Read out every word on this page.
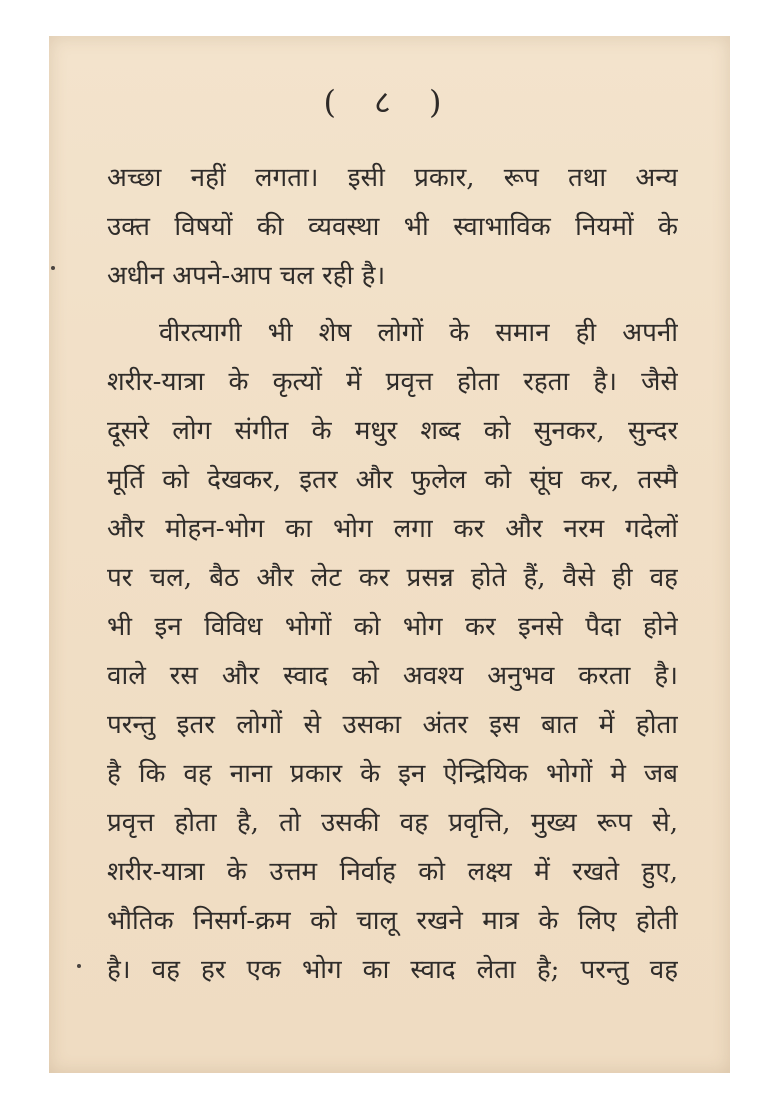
( ८ )
अच्छा नहीं लगता। इसी प्रकार, रूप तथा अन्य
उक्त विषयों की व्यवस्था भी स्वाभाविक नियमों के
अधीन अपने-आप चल रही है।
वीरत्यागी भी शेष लोगों के समान ही अपनी
शरीर-यात्रा के कृत्यों में प्रवृत्त होता रहता है। जैसे
दूसरे लोग संगीत के मधुर शब्द को सुनकर, सुन्दर
मूर्ति को देखकर, इतर और फुलेल को सूंघ कर, तस्मै
और मोहन-भोग का भोग लगा कर और नरम गदेलों
पर चल, बैठ और लेट कर प्रसन्न होते हैं, वैसे ही वह
भी इन विविध भोगों को भोग कर इनसे पैदा होने
वाले रस और स्वाद को अवश्य अनुभव करता है।
परन्तु इतर लोगों से उसका अंतर इस बात में होता
है कि वह नाना प्रकार के इन ऐन्द्रियिक भोगों मे जब
प्रवृत्त होता है, तो उसकी वह प्रवृत्ति, मुख्य रूप से,
शरीर-यात्रा के उत्तम निर्वाह को लक्ष्य में रखते हुए,
भौतिक निसर्ग-क्रम को चालू रखने मात्र के लिए होती
है। वह हर एक भोग का स्वाद लेता है; परन्तु वह
